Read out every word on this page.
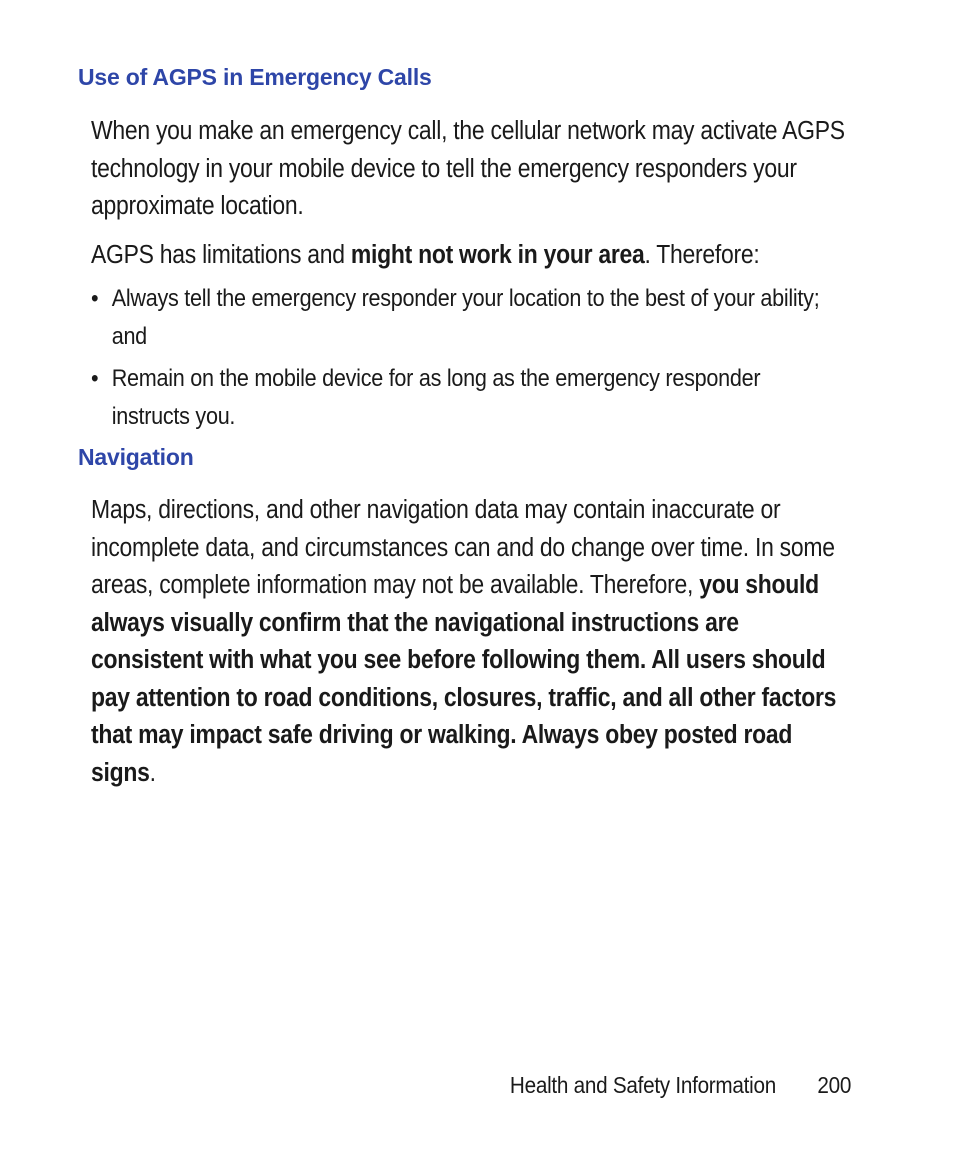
Use of AGPS in Emergency Calls

When you make an emergency call, the cellular network may activate AGPS technology in your mobile device to tell the emergency responders your approximate location.

AGPS has limitations and might not work in your area. Therefore:

• Always tell the emergency responder your location to the best of your ability; and
• Remain on the mobile device for as long as the emergency responder instructs you.
Navigation

Maps, directions, and other navigation data may contain inaccurate or incomplete data, and circumstances can and do change over time. In some areas, complete information may not be available. Therefore, you should always visually confirm that the navigational instructions are consistent with what you see before following them. All users should pay attention to road conditions, closures, traffic, and all other factors that may impact safe driving or walking. Always obey posted road signs.

Health and Safety Information 200
